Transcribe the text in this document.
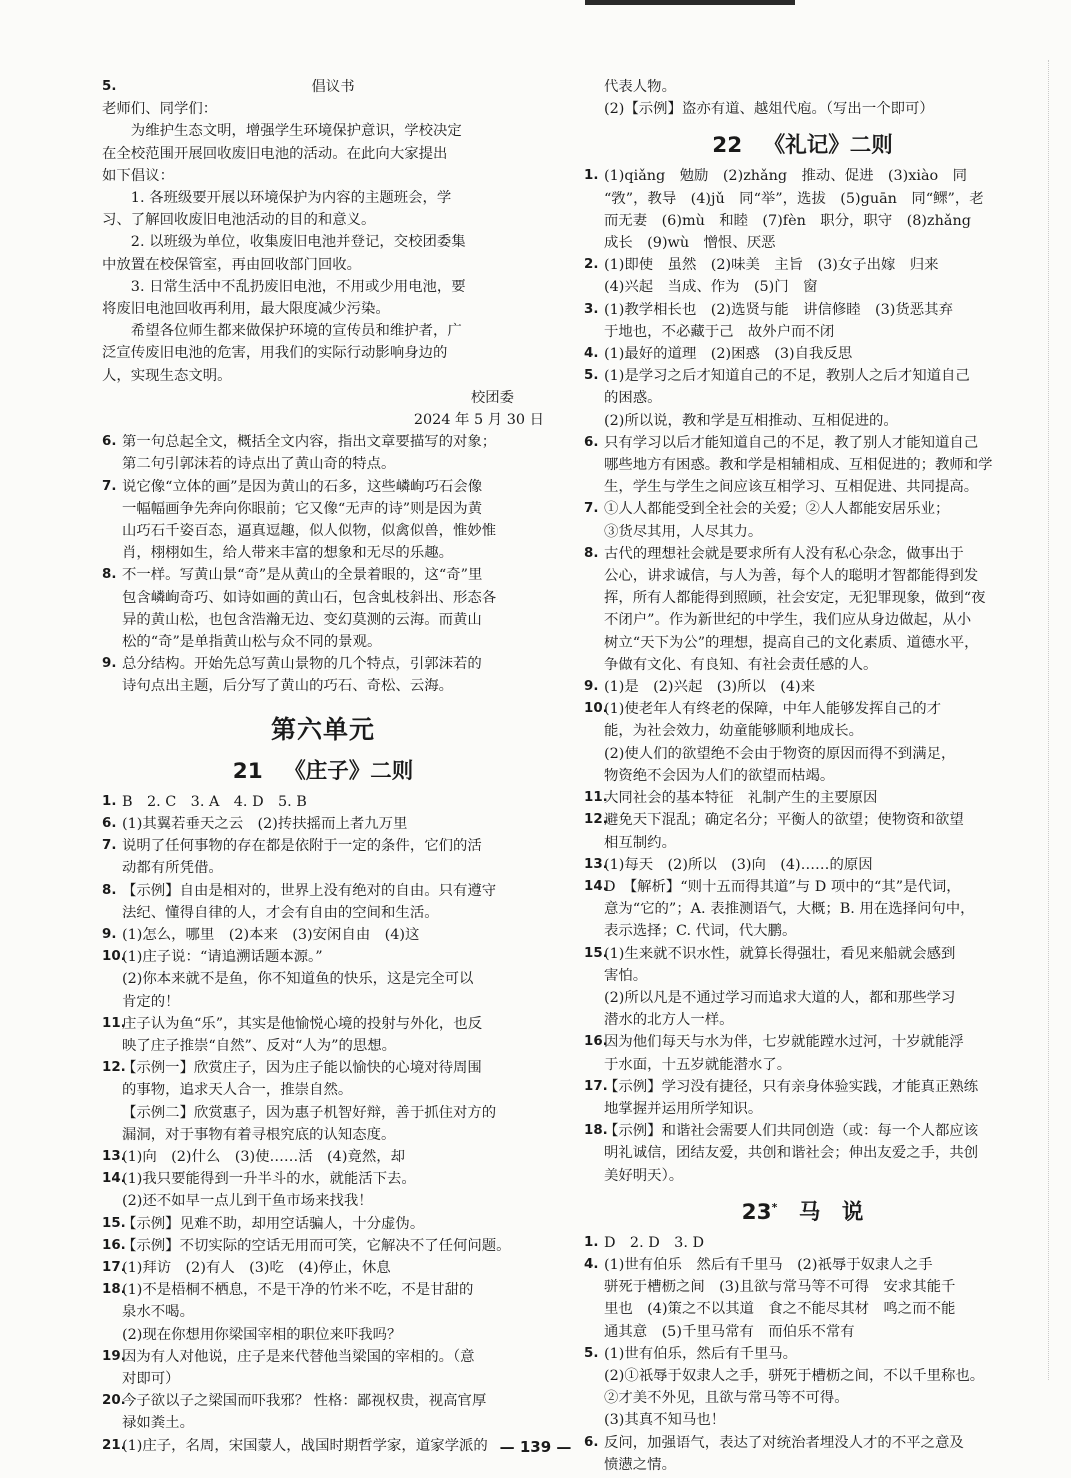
5.	倡议书
老师们、同学们：
为维护生态文明，增强学生环境保护意识，学校决定
在全校范围开展回收废旧电池的活动。在此向大家提出
如下倡议：
1. 各班级要开展以环境保护为内容的主题班会，学
习、了解回收废旧电池活动的目的和意义。
2. 以班级为单位，收集废旧电池并登记，交校团委集
中放置在校保管室，再由回收部门回收。
3. 日常生活中不乱扔废旧电池，不用或少用电池，要
将废旧电池回收再利用，最大限度减少污染。
希望各位师生都来做保护环境的宣传员和维护者，广
泛宣传废旧电池的危害，用我们的实际行动影响身边的
人，实现生态文明。
校团委
2024 年 5 月 30 日
6. 第一句总起全文，概括全文内容，指出文章要描写的对象；
第二句引郭沫若的诗点出了黄山奇的特点。
7. 说它像“立体的画”是因为黄山的石多，这些嶙峋巧石会像
一幅幅画争先奔向你眼前；它又像“无声的诗”则是因为黄
山巧石千姿百态，逼真逗趣，似人似物，似禽似兽，惟妙惟
肖，栩栩如生，给人带来丰富的想象和无尽的乐趣。
8. 不一样。写黄山景“奇”是从黄山的全景着眼的，这“奇”里
包含嶙峋奇巧、如诗如画的黄山石，包含虬枝斜出、形态各
异的黄山松，也包含浩瀚无边、变幻莫测的云海。而黄山
松的“奇”是单指黄山松与众不同的景观。
9. 总分结构。开始先总写黄山景物的几个特点，引郭沫若的
诗句点出主题，后分写了黄山的巧石、奇松、云海。
第六单元
21  《庄子》二则
1. B　2. C　3. A　4. D　5. B
6. (1)其翼若垂天之云　(2)抟扶摇而上者九万里
7. 说明了任何事物的存在都是依附于一定的条件，它们的活
动都有所凭借。
8. 【示例】自由是相对的，世界上没有绝对的自由。只有遵守
法纪、懂得自律的人，才会有自由的空间和生活。
9. (1)怎么，哪里　(2)本来　(3)安闲自由　(4)这
10.
(1)庄子说：“请追溯话题本源。”
(2)你本来就不是鱼，你不知道鱼的快乐，这是完全可以
肯定的！
11.
庄子认为鱼“乐”，其实是他愉悦心境的投射与外化，也反
映了庄子推崇“自然”、反对“人为”的思想。
12.
【示例一】欣赏庄子，因为庄子能以愉快的心境对待周围
的事物，追求天人合一，推崇自然。
【示例二】欣赏惠子，因为惠子机智好辩，善于抓住对方的
漏洞，对于事物有着寻根究底的认知态度。
13.
(1)向　(2)什么　(3)使……活　(4)竟然，却
14.
(1)我只要能得到一升半斗的水，就能活下去。
(2)还不如早一点儿到干鱼市场来找我！
15.
【示例】见难不助，却用空话骗人，十分虚伪。
16.
【示例】不切实际的空话无用而可笑，它解决不了任何问题。
17.
(1)拜访　(2)有人　(3)吃　(4)停止，休息
18.
(1)不是梧桐不栖息，不是干净的竹米不吃，不是甘甜的
泉水不喝。
(2)现在你想用你梁国宰相的职位来吓我吗？
19.
因为有人对他说，庄子是来代替他当梁国的宰相的。（意
对即可）
20.
今子欲以子之梁国而吓我邪？ 性格：鄙视权贵，视高官厚
禄如粪土。
21.
(1)庄子，名周，宋国蒙人，战国时期哲学家，道家学派的
代表人物。
(2)【示例】盗亦有道、越俎代庖。（写出一个即可）
22  《礼记》二则
1. (1)qiǎng　勉励　(2)zhǎng　推动、促进　(3)xiào　同
“敩”，教导　(4)jǔ　同“举”，选拔　(5)guān　同“鳏”，老
而无妻　(6)mù　和睦　(7)fèn　职分，职守　(8)zhǎng
成长　(9)wù　憎恨、厌恶
2. (1)即使　虽然　(2)味美　主旨　(3)女子出嫁　归来
(4)兴起　当成、作为　(5)门　窗
3. (1)教学相长也　(2)选贤与能　讲信修睦　(3)货恶其弃
于地也，不必藏于己　故外户而不闭
4. (1)最好的道理　(2)困惑　(3)自我反思
5. (1)是学习之后才知道自己的不足，教别人之后才知道自己
的困惑。
(2)所以说，教和学是互相推动、互相促进的。
6. 只有学习以后才能知道自己的不足，教了别人才能知道自己
哪些地方有困惑。教和学是相辅相成、互相促进的；教师和学
生，学生与学生之间应该互相学习、互相促进、共同提高。
7. ①人人都能受到全社会的关爱；②人人都能安居乐业；
③货尽其用，人尽其力。
8. 古代的理想社会就是要求所有人没有私心杂念，做事出于
公心，讲求诚信，与人为善，每个人的聪明才智都能得到发
挥，所有人都能得到照顾，社会安定，无犯罪现象，做到“夜
不闭户”。作为新世纪的中学生，我们应从身边做起，从小
树立“天下为公”的理想，提高自己的文化素质、道德水平，
争做有文化、有良知、有社会责任感的人。
9. (1)是　(2)兴起　(3)所以　(4)来
10.
(1)使老年人有终老的保障，中年人能够发挥自己的才
能，为社会效力，幼童能够顺利地成长。
(2)使人们的欲望绝不会由于物资的原因而得不到满足，
物资绝不会因为人们的欲望而枯竭。
11.
大同社会的基本特征　礼制产生的主要原因
12.
避免天下混乱；确定名分；平衡人的欲望；使物资和欲望
相互制约。
13.
(1)每天　(2)所以　(3)向　(4)……的原因
14.
D　【解析】“则十五而得其道”与 D 项中的“其”是代词，
意为“它的”；A. 表推测语气，大概；B. 用在选择问句中，
表示选择；C. 代词，代大鹏。
15.
(1)生来就不识水性，就算长得强壮，看见来船就会感到
害怕。
(2)所以凡是不通过学习而追求大道的人，都和那些学习
潜水的北方人一样。
16.
因为他们每天与水为伴，七岁就能蹚水过河，十岁就能浮
于水面，十五岁就能潜水了。
17.
【示例】学习没有捷径，只有亲身体验实践，才能真正熟练
地掌握并运用所学知识。
18.
【示例】和谐社会需要人们共同创造（或：每一个人都应该
明礼诚信，团结友爱，共创和谐社会；伸出友爱之手，共创
美好明天）。
23*  马　说
1. D　2. D　3. D
4. (1)世有伯乐　然后有千里马　(2)祇辱于奴隶人之手
骈死于槽枥之间　(3)且欲与常马等不可得　安求其能千
里也　(4)策之不以其道　食之不能尽其材　鸣之而不能
通其意　(5)千里马常有　而伯乐不常有
5. (1)世有伯乐，然后有千里马。
(2)①祇辱于奴隶人之手，骈死于槽枥之间，不以千里称也。
②才美不外见，且欲与常马等不可得。
(3)其真不知马也！
6. 反问，加强语气，表达了对统治者埋没人才的不平之意及
愤懑之情。
— 139 —
